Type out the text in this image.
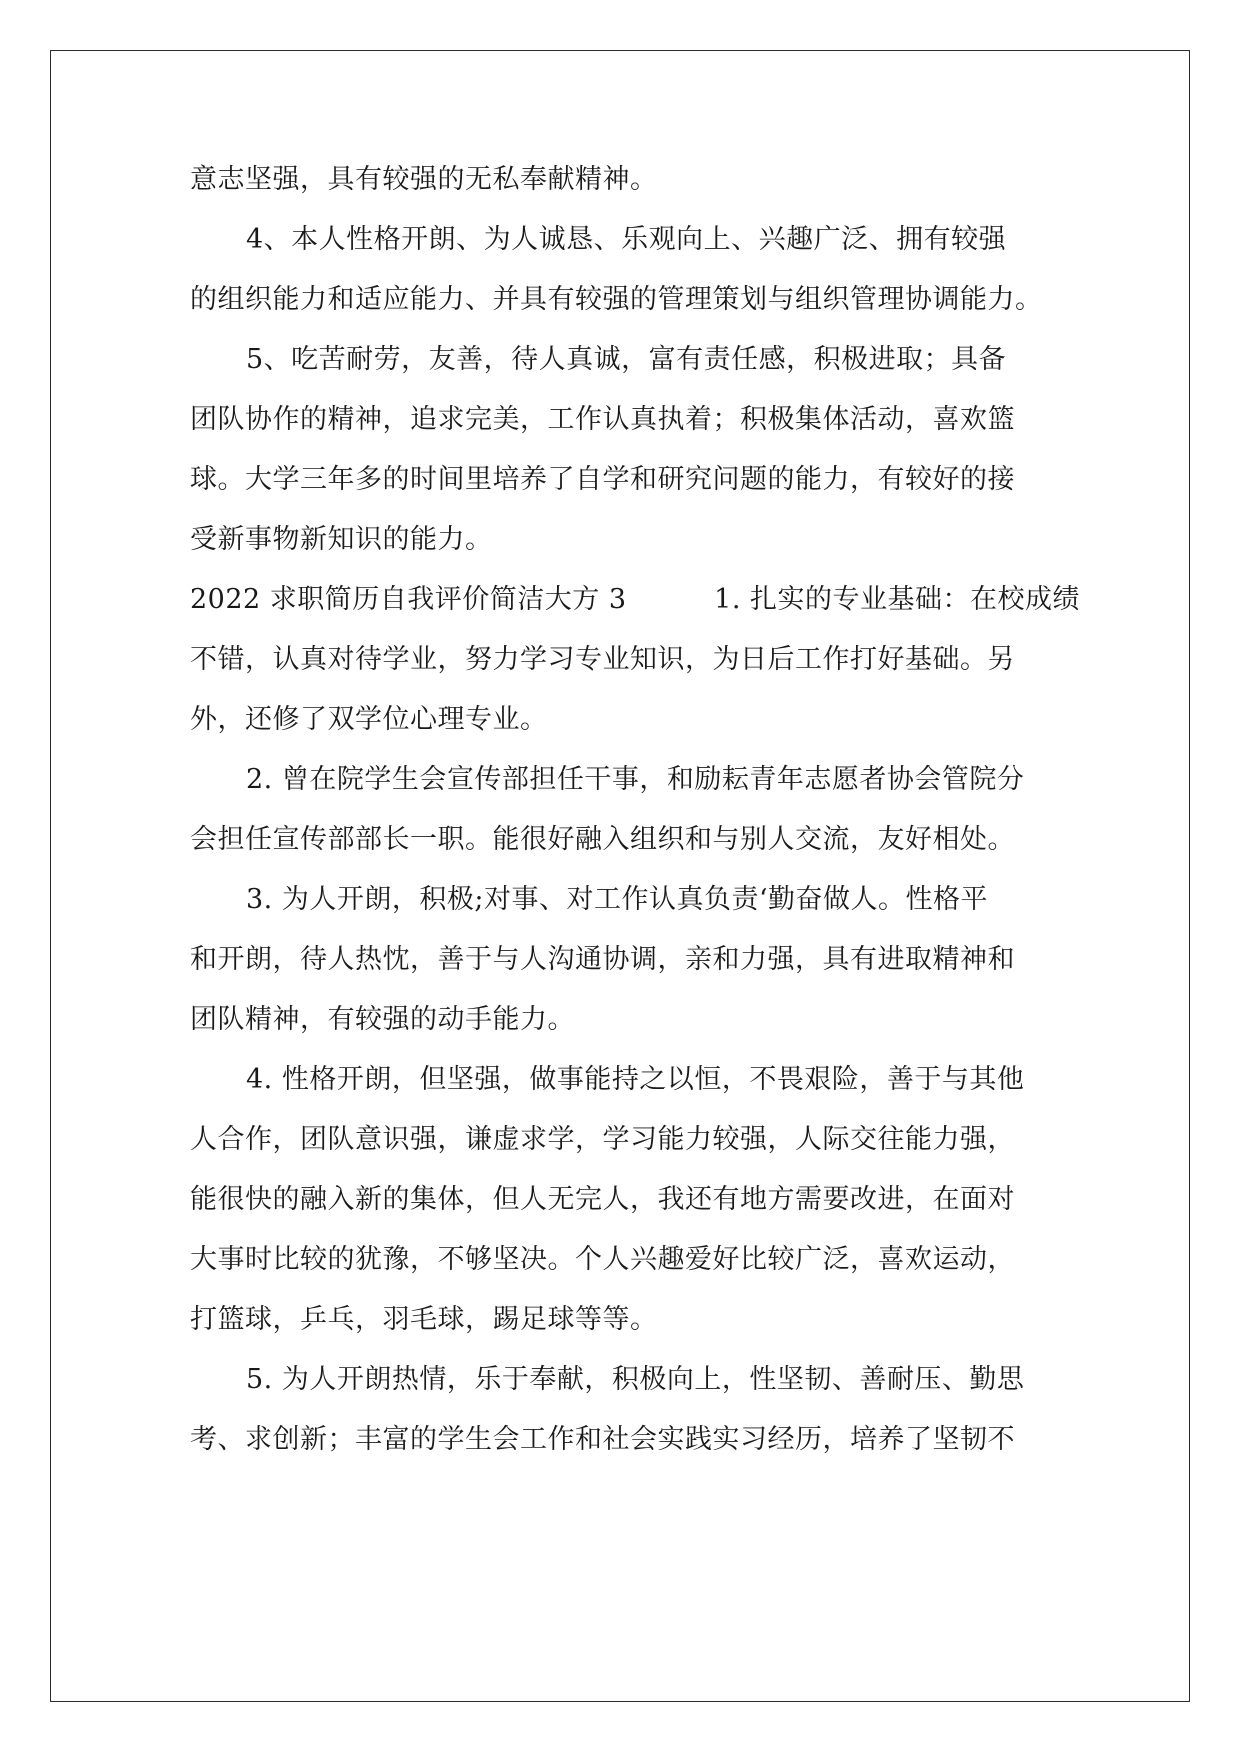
意志坚强，具有较强的无私奉献精神。
4、本人性格开朗、为人诚恳、乐观向上、兴趣广泛、拥有较强
的组织能力和适应能力、并具有较强的管理策划与组织管理协调能力。
5、吃苦耐劳，友善，待人真诚，富有责任感，积极进取；具备
团队协作的精神，追求完美，工作认真执着；积极集体活动，喜欢篮
球。大学三年多的时间里培养了自学和研究问题的能力，有较好的接
受新事物新知识的能力。
2022 求职简历自我评价简洁大方 3	1. 扎实的专业基础：在校成绩
不错，认真对待学业，努力学习专业知识，为日后工作打好基础。另
外，还修了双学位心理专业。
2. 曾在院学生会宣传部担任干事，和励耘青年志愿者协会管院分
会担任宣传部部长一职。能很好融入组织和与别人交流，友好相处。
3. 为人开朗，积极;对事、对工作认真负责‘勤奋做人。性格平
和开朗，待人热忱，善于与人沟通协调，亲和力强，具有进取精神和
团队精神，有较强的动手能力。
4. 性格开朗，但坚强，做事能持之以恒，不畏艰险，善于与其他
人合作，团队意识强，谦虚求学，学习能力较强，人际交往能力强，
能很快的融入新的集体，但人无完人，我还有地方需要改进，在面对
大事时比较的犹豫，不够坚决。个人兴趣爱好比较广泛，喜欢运动，
打篮球，乒乓，羽毛球，踢足球等等。
5. 为人开朗热情，乐于奉献，积极向上，性坚韧、善耐压、勤思
考、求创新；丰富的学生会工作和社会实践实习经历，培养了坚韧不
